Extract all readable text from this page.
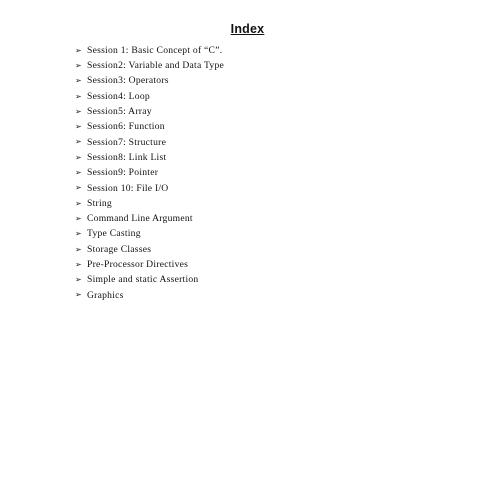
Index
➢ Session 1: Basic Concept of “C”.
➢ Session2: Variable and Data Type
➢ Session3: Operators
➢ Session4: Loop
➢ Session5: Array
➢ Session6: Function
➢ Session7: Structure
➢ Session8: Link List
➢ Session9: Pointer
➢ Session 10: File I/O
➢ String
➢ Command Line Argument
➢ Type Casting
➢ Storage Classes
➢ Pre-Processor Directives
➢ Simple and static Assertion
➢ Graphics
